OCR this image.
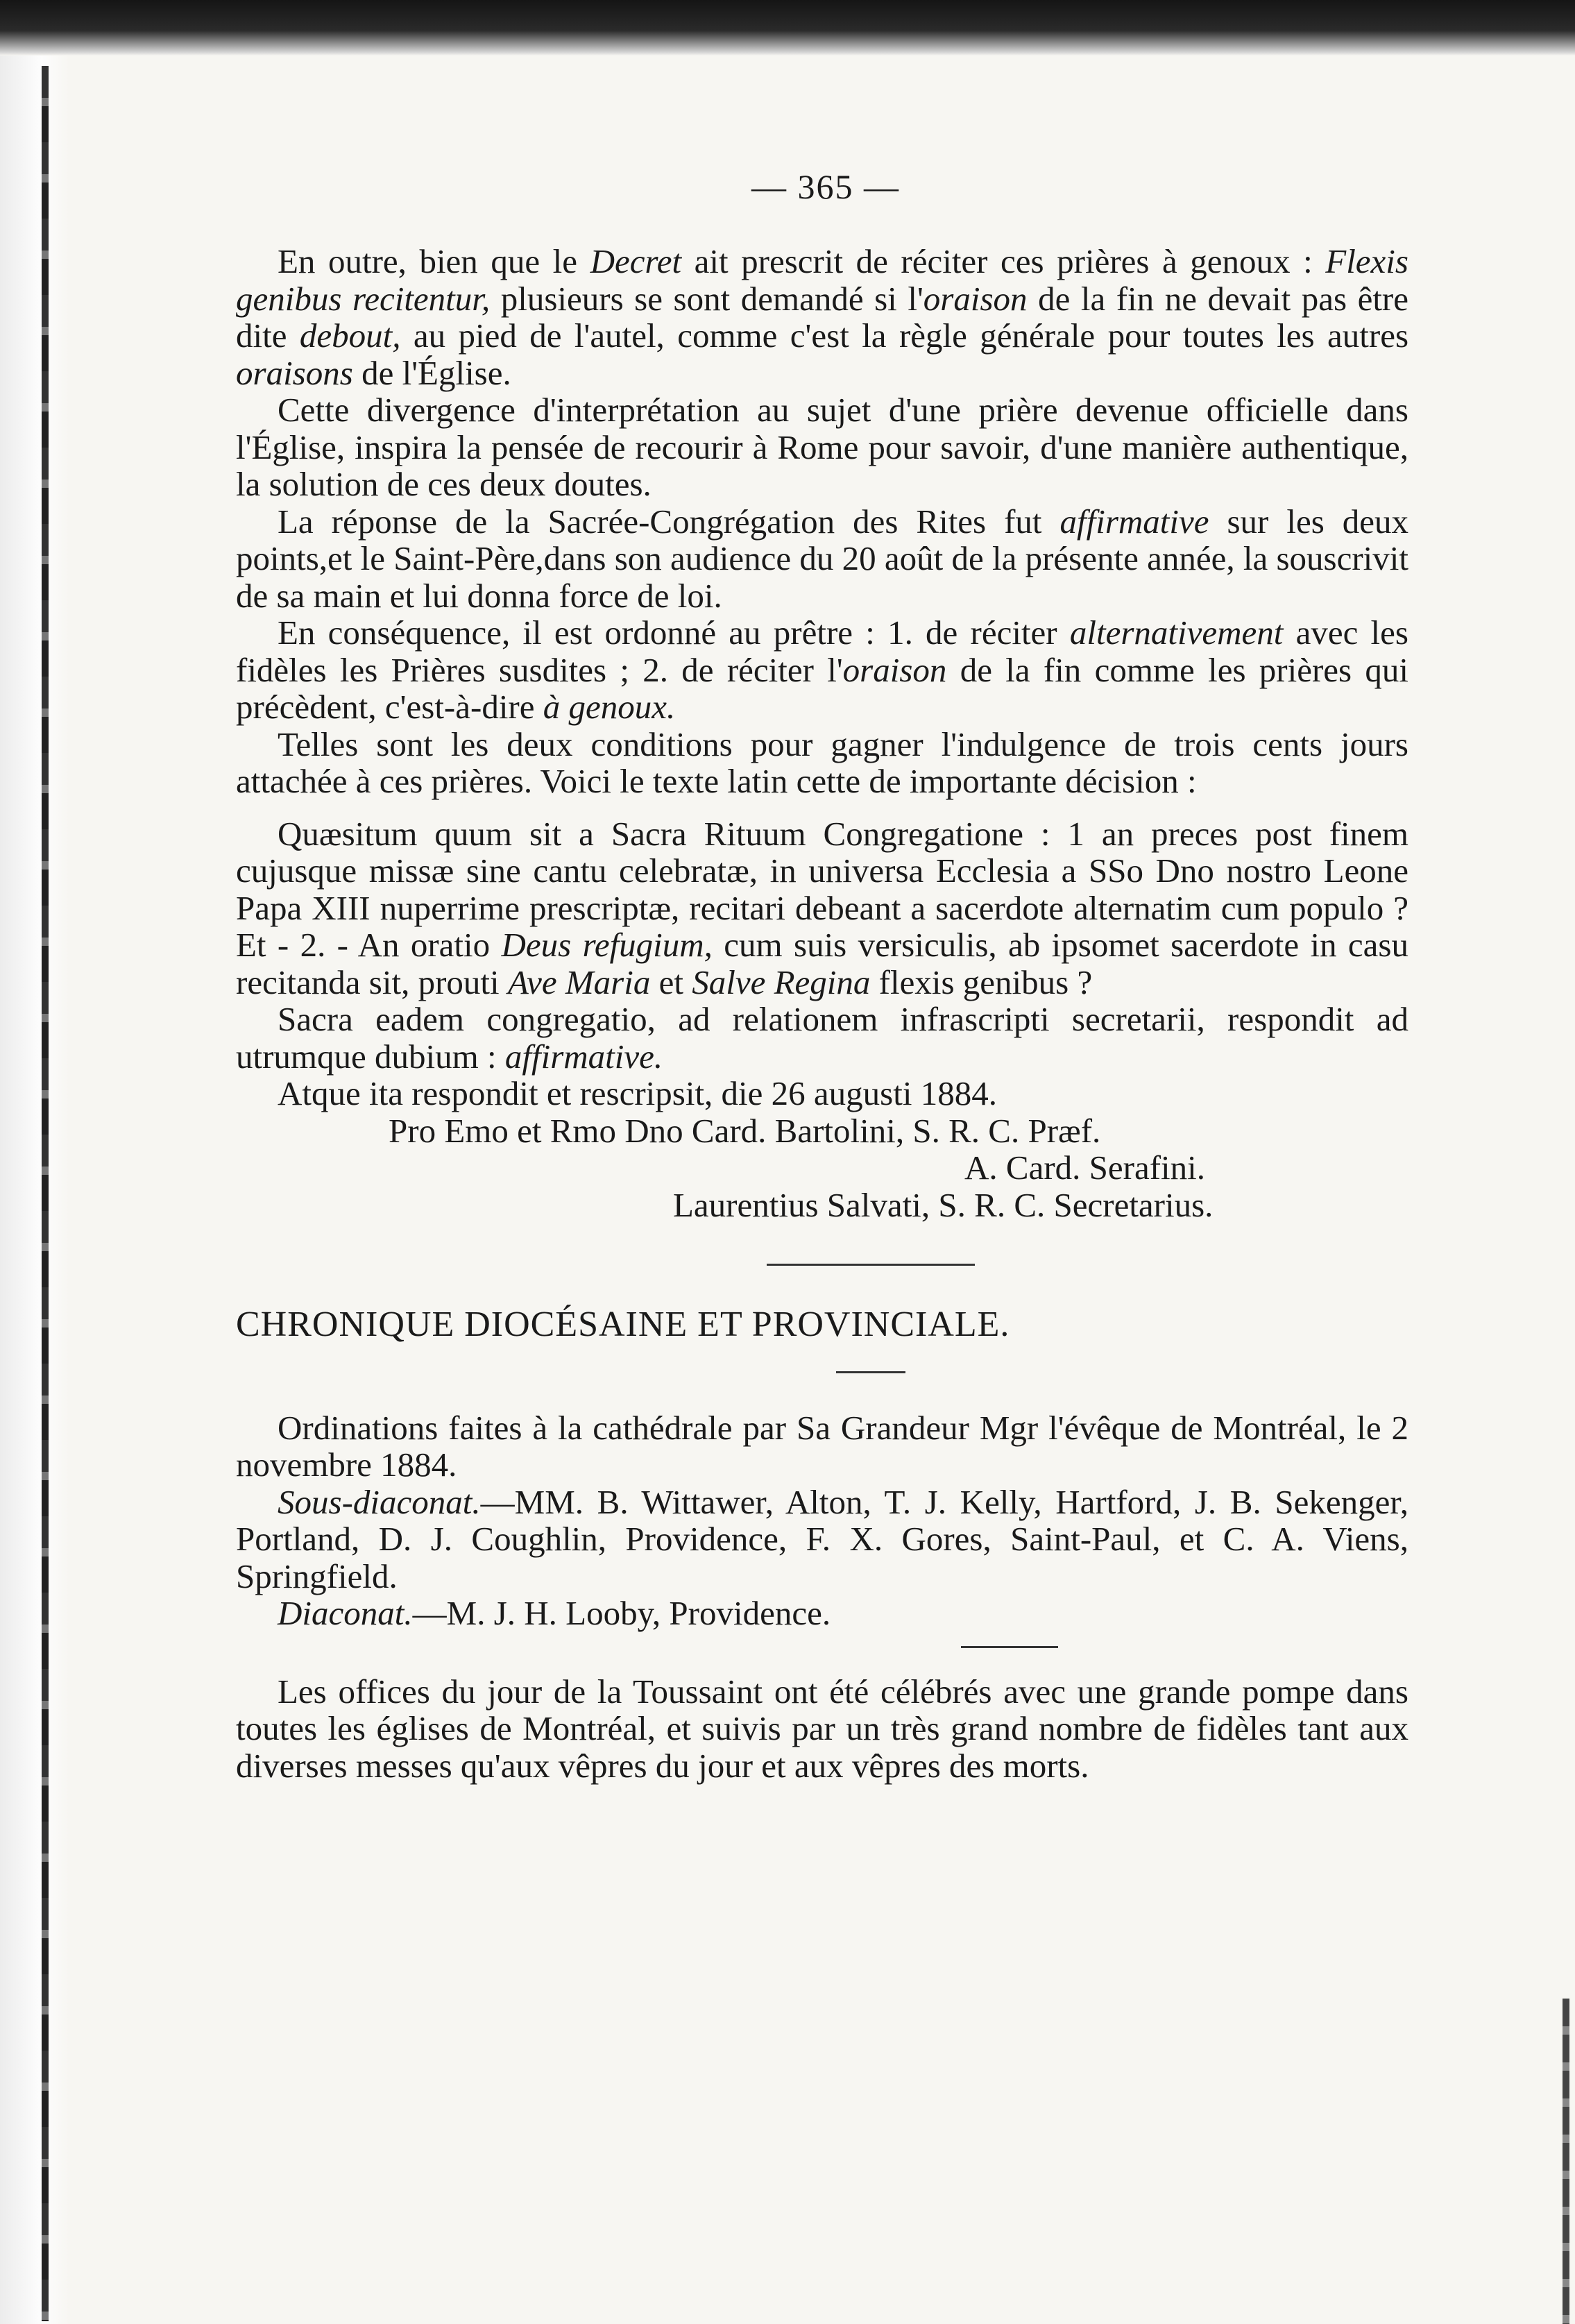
— 365 —

En outre, bien que le Decret ait prescrit de réciter ces prières à genoux : Flexis genibus recitentur, plusieurs se sont demandé si l'oraison de la fin ne devait pas être dite debout, au pied de l'autel, comme c'est la règle générale pour toutes les autres oraisons de l'Église.

Cette divergence d'interprétation au sujet d'une prière devenue officielle dans l'Église, inspira la pensée de recourir à Rome pour savoir, d'une manière authentique, la solution de ces deux doutes.

La réponse de la Sacrée-Congrégation des Rites fut affirmative sur les deux points,et le Saint-Père,dans son audience du 20 août de la présente année, la souscrivit de sa main et lui donna force de loi.

En conséquence, il est ordonné au prêtre : 1. de réciter alternativement avec les fidèles les Prières susdites ; 2. de réciter l'oraison de la fin comme les prières qui précèdent, c'est-à-dire à genoux.

Telles sont les deux conditions pour gagner l'indulgence de trois cents jours attachée à ces prières. Voici le texte latin cette de importante décision :

Quæsitum quum sit a Sacra Rituum Congregatione : 1 an preces post finem cujusque missæ sine cantu celebratæ, in universa Ecclesia a SSo Dno nostro Leone Papa XIII nuperrime prescriptæ, recitari debeant a sacerdote alternatim cum populo ? Et - 2. - An oratio Deus refugium, cum suis versiculis, ab ipsomet sacerdote in casu recitanda sit, prouti Ave Maria et Salve Regina flexis genibus ?

Sacra eadem congregatio, ad relationem infrascripti secretarii, respondit ad utrumque dubium : affirmative.

Atque ita respondit et rescripsit, die 26 augusti 1884.

Pro Emo et Rmo Dno Card. Bartolini, S. R. C. Præf.

A. Card. Serafini.

Laurentius Salvati, S. R. C. Secretarius.

CHRONIQUE DIOCÉSAINE ET PROVINCIALE.

Ordinations faites à la cathédrale par Sa Grandeur Mgr l'évêque de Montréal, le 2 novembre 1884.

Sous-diaconat.—MM. B. Wittawer, Alton, T. J. Kelly, Hartford, J. B. Sekenger, Portland, D. J. Coughlin, Providence, F. X. Gores, Saint-Paul, et C. A. Viens, Springfield.

Diaconat.—M. J. H. Looby, Providence.

Les offices du jour de la Toussaint ont été célébrés avec une grande pompe dans toutes les églises de Montréal, et suivis par un très grand nombre de fidèles tant aux diverses messes qu'aux vêpres du jour et aux vêpres des morts.
